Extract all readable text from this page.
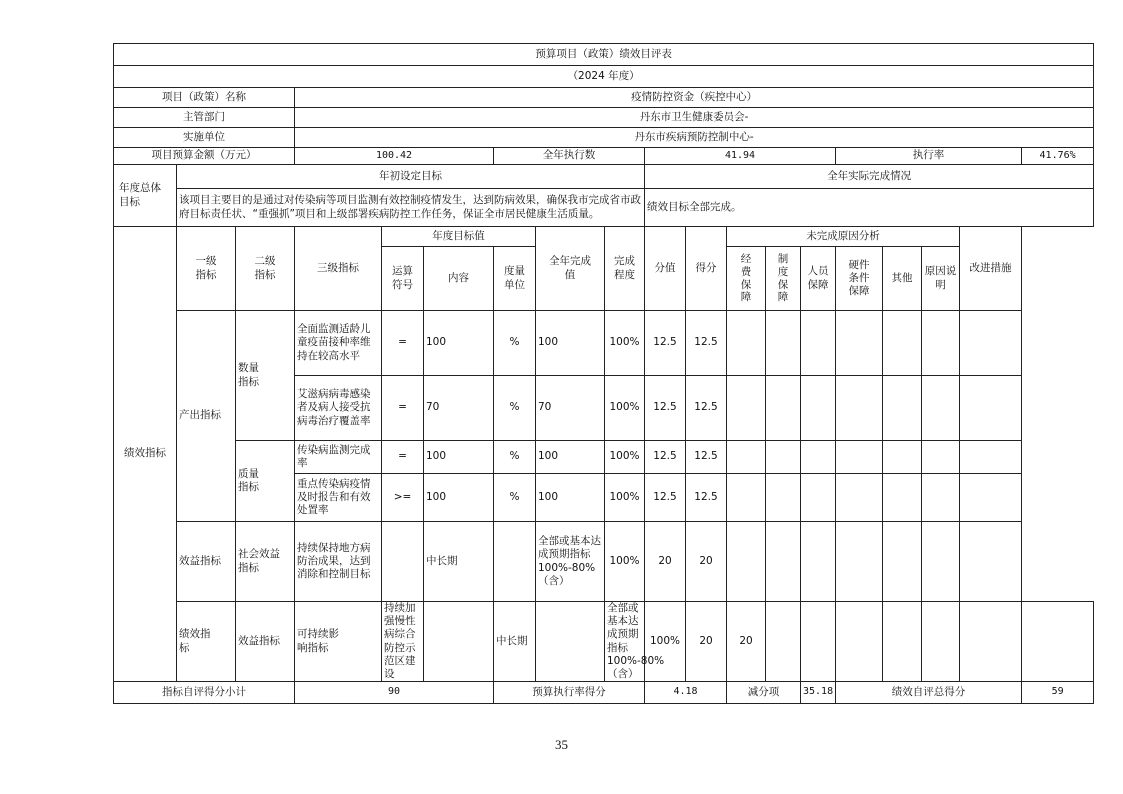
预算项目（政策）绩效目评表																		
（2024 年度）																		
项目（政策）名称			疫情防控资金（疾控中心）															
主管部门			丹东市卫生健康委员会-															
实施单位			丹东市疾病预防控制中心-															
项目预算金额（万元）			100.42			全年执行数			41.94					执行率				41.76%

年度总体目标	年初设定目标								全年实际完成情况									
	该项目主要目的是通过对传染病等项目监测有效控制疫情发生，达到防病效果，确保我市完成省市政府目标责任状、“重强抓”项目和上级部署疾病防控工作任务，保证全市居民健康生活质量。								绩效目标全部完成。									

绩效指标	一级指标	二级指标	三级指标	年度目标值			全年完成值	完成程度	分值	得分	未完成原因分析						改进措施	

				运算符号	内容	度量单位					经费保障	制度保障	人员保障	硬件条件保障	其他	原因说明		

	产出指标	数量指标	全面监测适龄儿童疫苗接种率维持在较高水平	=	100	%	100	100%	12.5	12.5								
			艾滋病病毒感染者及病人接受抗病毒治疗覆盖率	=	70	%	70	100%	12.5	12.5								

		质量指标	传染病监测完成率	=	100	%	100	100%	12.5	12.5								
			重点传染病疫情及时报告和有效处置率	>=	100	%	100	100%	12.5	12.5								

	效益指标	社会效益指标	持续保持地方病防治成果，达到消除和控制目标		中长期		全部或基本达成预期指标100%-80%（含）	100%	20	20								

	绩效指标	效益指标	可持续影响指标	持续加强慢性病综合防控示范区建设		中长期		全部或基本达成预期指标100%-80%（含）	100%	20	20							
指标自评得分小计			90			预算执行率得分			4.18		减分项		35.18	绩效自评总得分				59
35
